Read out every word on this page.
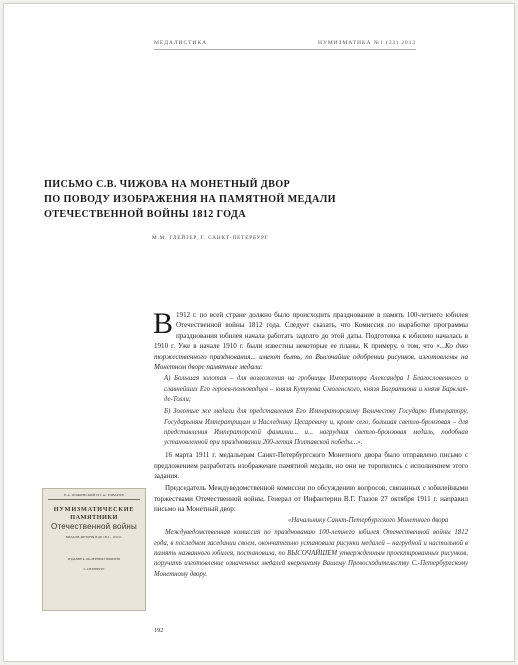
МЕДАЛИСТИКА	НУМИЗМАТИКА №1 (33) 2013
ПИСЬМО С.В. ЧИЖОВА НА МОНЕТНЫЙ ДВОР
ПО ПОВОДУ ИЗОБРАЖЕНИЯ НА ПАМЯТНОЙ МЕДАЛИ
ОТЕЧЕСТВЕННОЙ ВОЙНЫ 1812 ГОДА
М.М. ГЛЕЙЗЕР, Г. САНКТ-ПЕТЕРБУРГ
В 1912 г. по всей стране должно было происходить празднование в память 100-летнего юбилея Отечественной войны 1812 года. Следует сказать, что Комиссия по выработке программы празднования юбилея начала работать задолго до этой даты. Подготовка к юбилею началась в 1910 г. Уже в начале 1910 г. были известны некоторые ее планы. К примеру, о том, что «...Ко дню торжественного празднования... имеют быть, по Высочайше одобрении рисунков, изготовлены на Монетном дворе памятные медали:
А) Большая золотая – для возложения на гробницы Императора Александра I Благословенного и славнейших Его героев-полководцев – князя Кутузова Смоленского, князя Багратиона и князя Барклая-де-Толли;
Б) Золотые же медали для представления Его Императорскому Величеству Государю Императору, Государыням Императрицам и Наследнику Цесаревичу и, кроме сего, большая светло-бронзовая – для представления Императорской фамилии... и... нагрудная светло-бронзовая медаль, подобная установленной при праздновании 200-летия Полтавской победы...».
16 марта 1911 г. медальерам Санкт-Петербургского Монетного двора было отправлено письмо с предложением разработать изображение памятной медали, но они не торопились с исполнением этого задания.
Председатель Междуведомственной комиссии по обсуждению вопросов, связанных с юбилейными торжествами Отечественной войны, Генерал от Инфантерии В.Г. Глазов 27 октября 1911 г. направил письмо на Монетный двор:
«Начальнику Санкт-Петербургского Монетного двора
Междуведомственная комиссия по празднованию 100-летнего юбилея Отечественной войны 1812 года, в последнем заседании своем, окончательно установила рисунки медалей – нагрудной и настольной в память названного юбилея, постановила, по ВЫСОЧАЙШЕМ утвержденным проектированных рисунков, поручить изготовление означенных медалей вверенному Вашему Превосходительству С.-Петербургскому Монетному двору.
Е.А. ПОЖИНСКИЙ И Г.А. ТОВАРОВ
НУМИЗМАТИЧЕСКИЕ
ПАМЯТНИКИ
Отечественной войны
МЕДАЛИ, ЖЕТОНЫ И ДР. 1812 – 1912 гг.
ИЗДАНИЕ К 100-ЛЕТНЕМУ ЮБИЛЕЮ
С.-ПЕТЕРБУРГ
192
